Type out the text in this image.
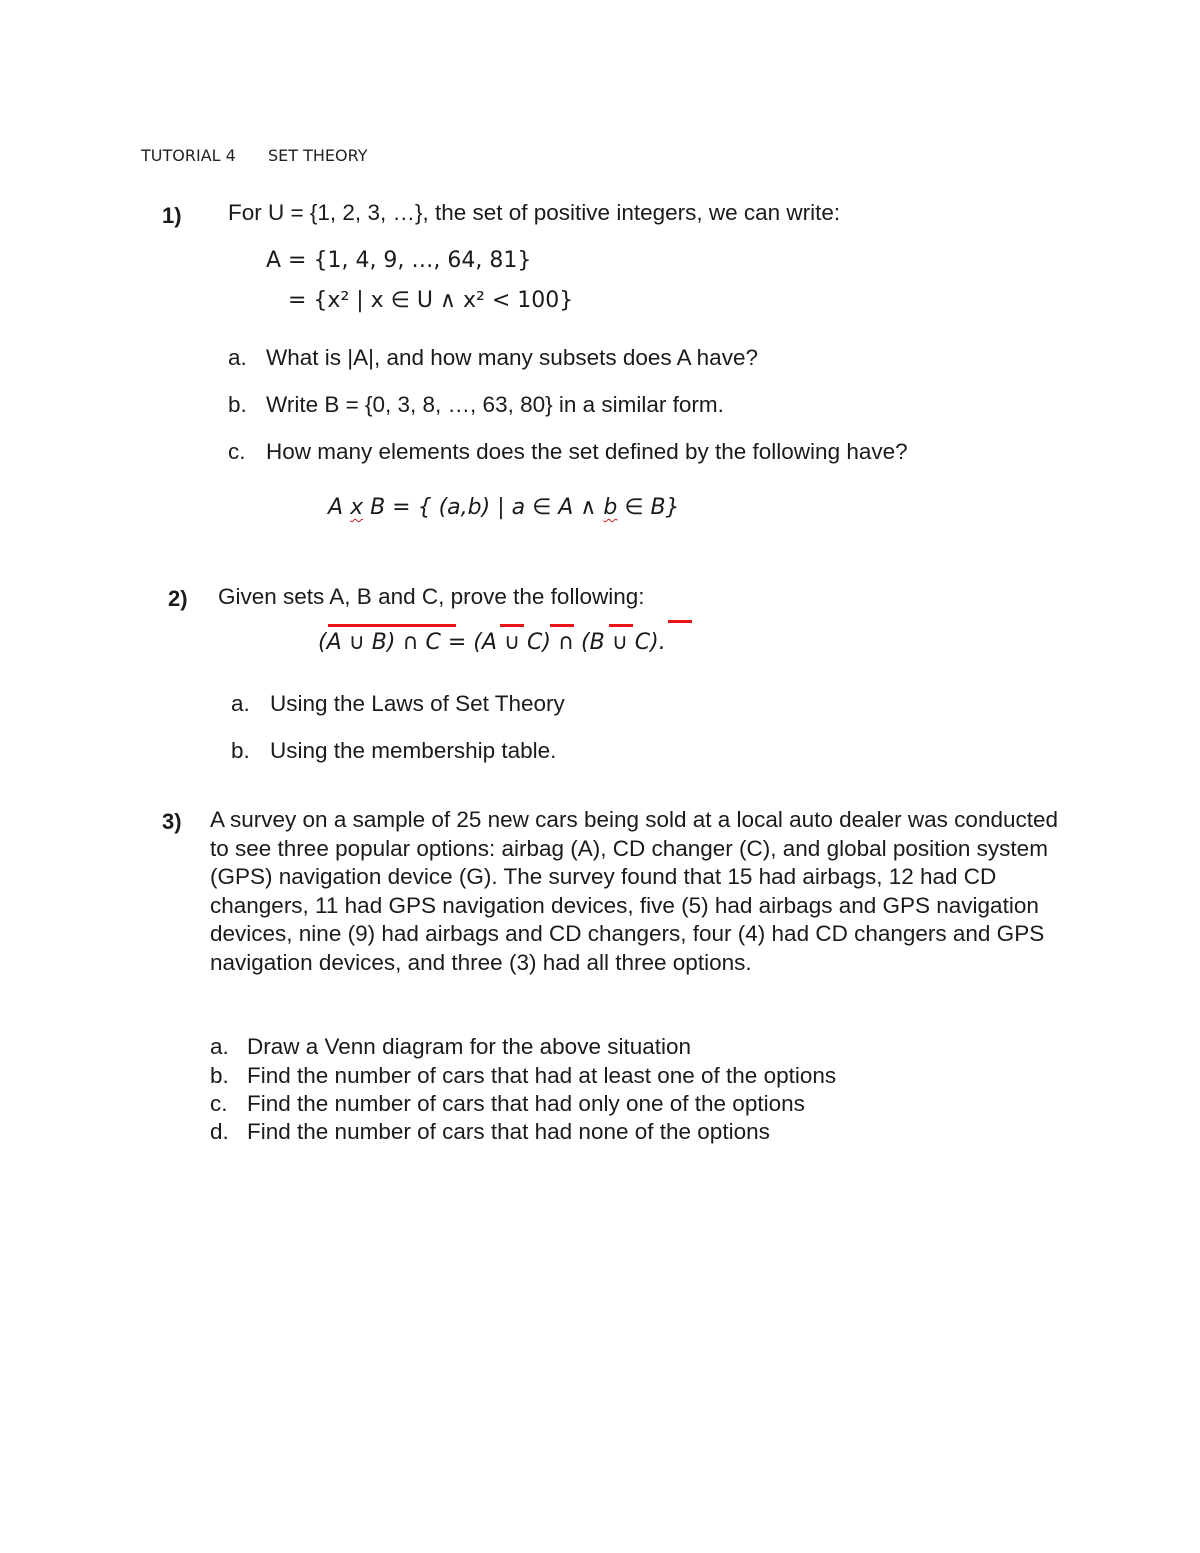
TUTORIAL 4 SET THEORY
1) For U = {1, 2, 3, …}, the set of positive integers, we can write:
A = {1, 4, 9, …, 64, 81}
= {x² | x ∈ U ∧ x² < 100}
a. What is |A|, and how many subsets does A have?
b. Write B = {0, 3, 8, …, 63, 80} in a similar form.
c. How many elements does the set defined by the following have?
A x B = { (a,b) | a ∈ A ∧ b ∈ B}
2) Given sets A, B and C, prove the following:
(A ∪ B) ∩ C = (A ∪ C) ∩ (B ∪ C).
a. Using the Laws of Set Theory
b. Using the membership table.
3) A survey on a sample of 25 new cars being sold at a local auto dealer was conducted to see three popular options: airbag (A), CD changer (C), and global position system (GPS) navigation device (G). The survey found that 15 had airbags, 12 had CD changers, 11 had GPS navigation devices, five (5) had airbags and GPS navigation devices, nine (9) had airbags and CD changers, four (4) had CD changers and GPS navigation devices, and three (3) had all three options.
a. Draw a Venn diagram for the above situation
b. Find the number of cars that had at least one of the options
c. Find the number of cars that had only one of the options
d. Find the number of cars that had none of the options
